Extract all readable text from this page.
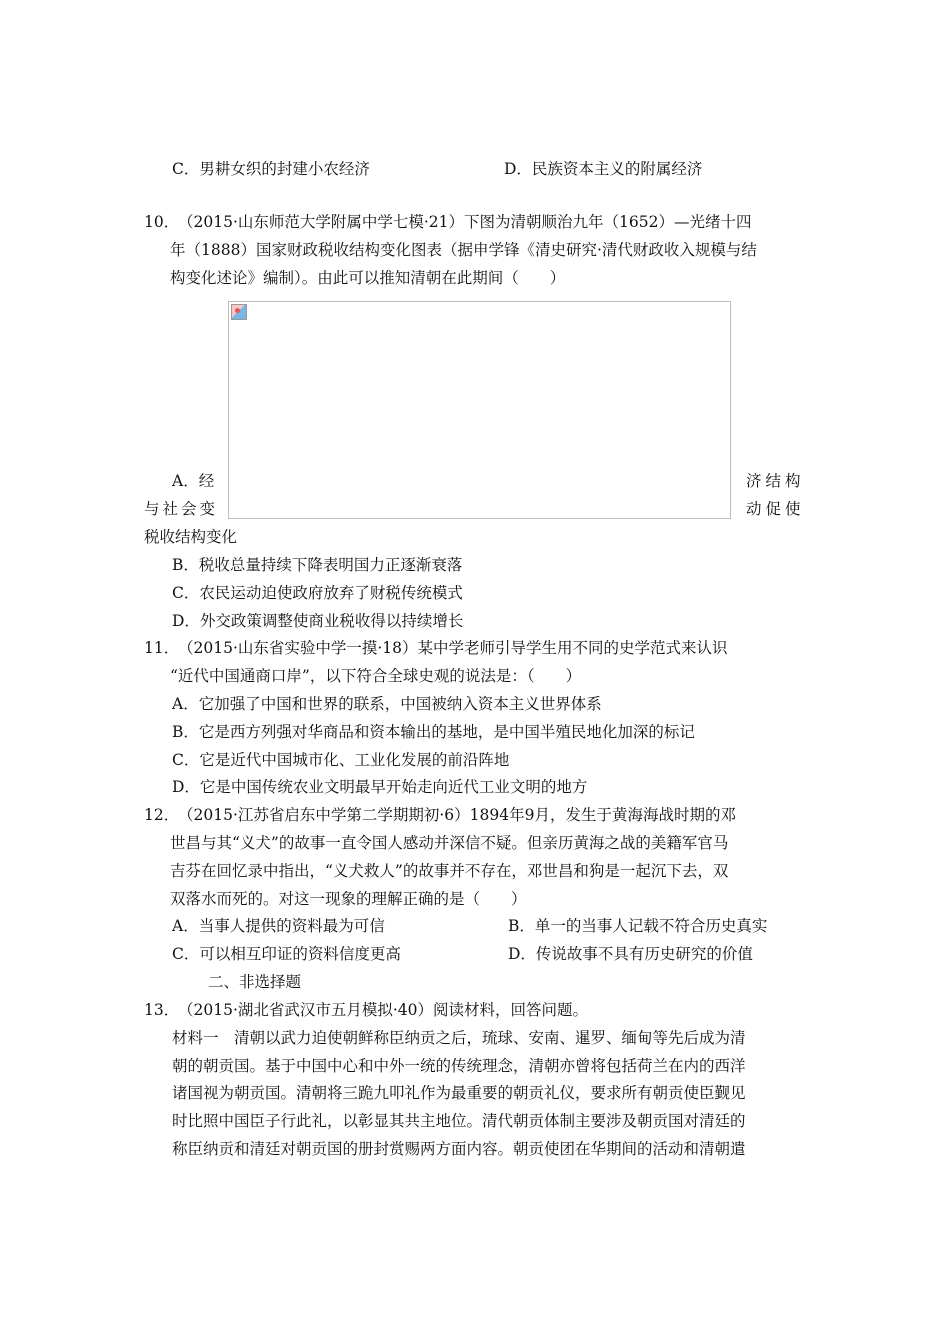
C．男耕女织的封建小农经济	D．民族资本主义的附属经济
10．
（2015·山东师范大学附属中学七模·21）下图为清朝顺治九年（1652）—光绪十四
年（1888）国家财政税收结构变化图表（据申学锋《清史研究·清代财政收入规模与结
构变化述论》编制）。由此可以推知清朝在此期间（　　）
A．经	济结构
与社会变	动促使
税收结构变化
B．税收总量持续下降表明国力正逐渐衰落
C．农民运动迫使政府放弃了财税传统模式
D．外交政策调整使商业税收得以持续增长
11．
（2015·山东省实验中学一摸·18）某中学老师引导学生用不同的史学范式来认识
“近代中国通商口岸”，以下符合全球史观的说法是：（　　）
A．它加强了中国和世界的联系，中国被纳入资本主义世界体系
B．它是西方列强对华商品和资本输出的基地，是中国半殖民地化加深的标记
C．它是近代中国城市化、工业化发展的前沿阵地
D．它是中国传统农业文明最早开始走向近代工业文明的地方
12．
（2015·江苏省启东中学第二学期期初·6）1894年9月，发生于黄海海战时期的邓
世昌与其“义犬”的故事一直令国人感动并深信不疑。但亲历黄海之战的美籍军官马
吉芬在回忆录中指出，“义犬救人”的故事并不存在，邓世昌和狗是一起沉下去，双
双落水而死的。对这一现象的理解正确的是（　　）
A．当事人提供的资料最为可信	B．单一的当事人记载不符合历史真实
C．可以相互印证的资料信度更高	D．传说故事不具有历史研究的价值
二、非选择题
13．
（2015·湖北省武汉市五月模拟·40）阅读材料，回答问题。
材料一　清朝以武力迫使朝鲜称臣纳贡之后，琉球、安南、暹罗、缅甸等先后成为清
朝的朝贡国。基于中国中心和中外一统的传统理念，清朝亦曾将包括荷兰在内的西洋
诸国视为朝贡国。清朝将三跪九叩礼作为最重要的朝贡礼仪，要求所有朝贡使臣觐见
时比照中国臣子行此礼，以彰显其共主地位。清代朝贡体制主要涉及朝贡国对清廷的
称臣纳贡和清廷对朝贡国的册封赏赐两方面内容。朝贡使团在华期间的活动和清朝遣
